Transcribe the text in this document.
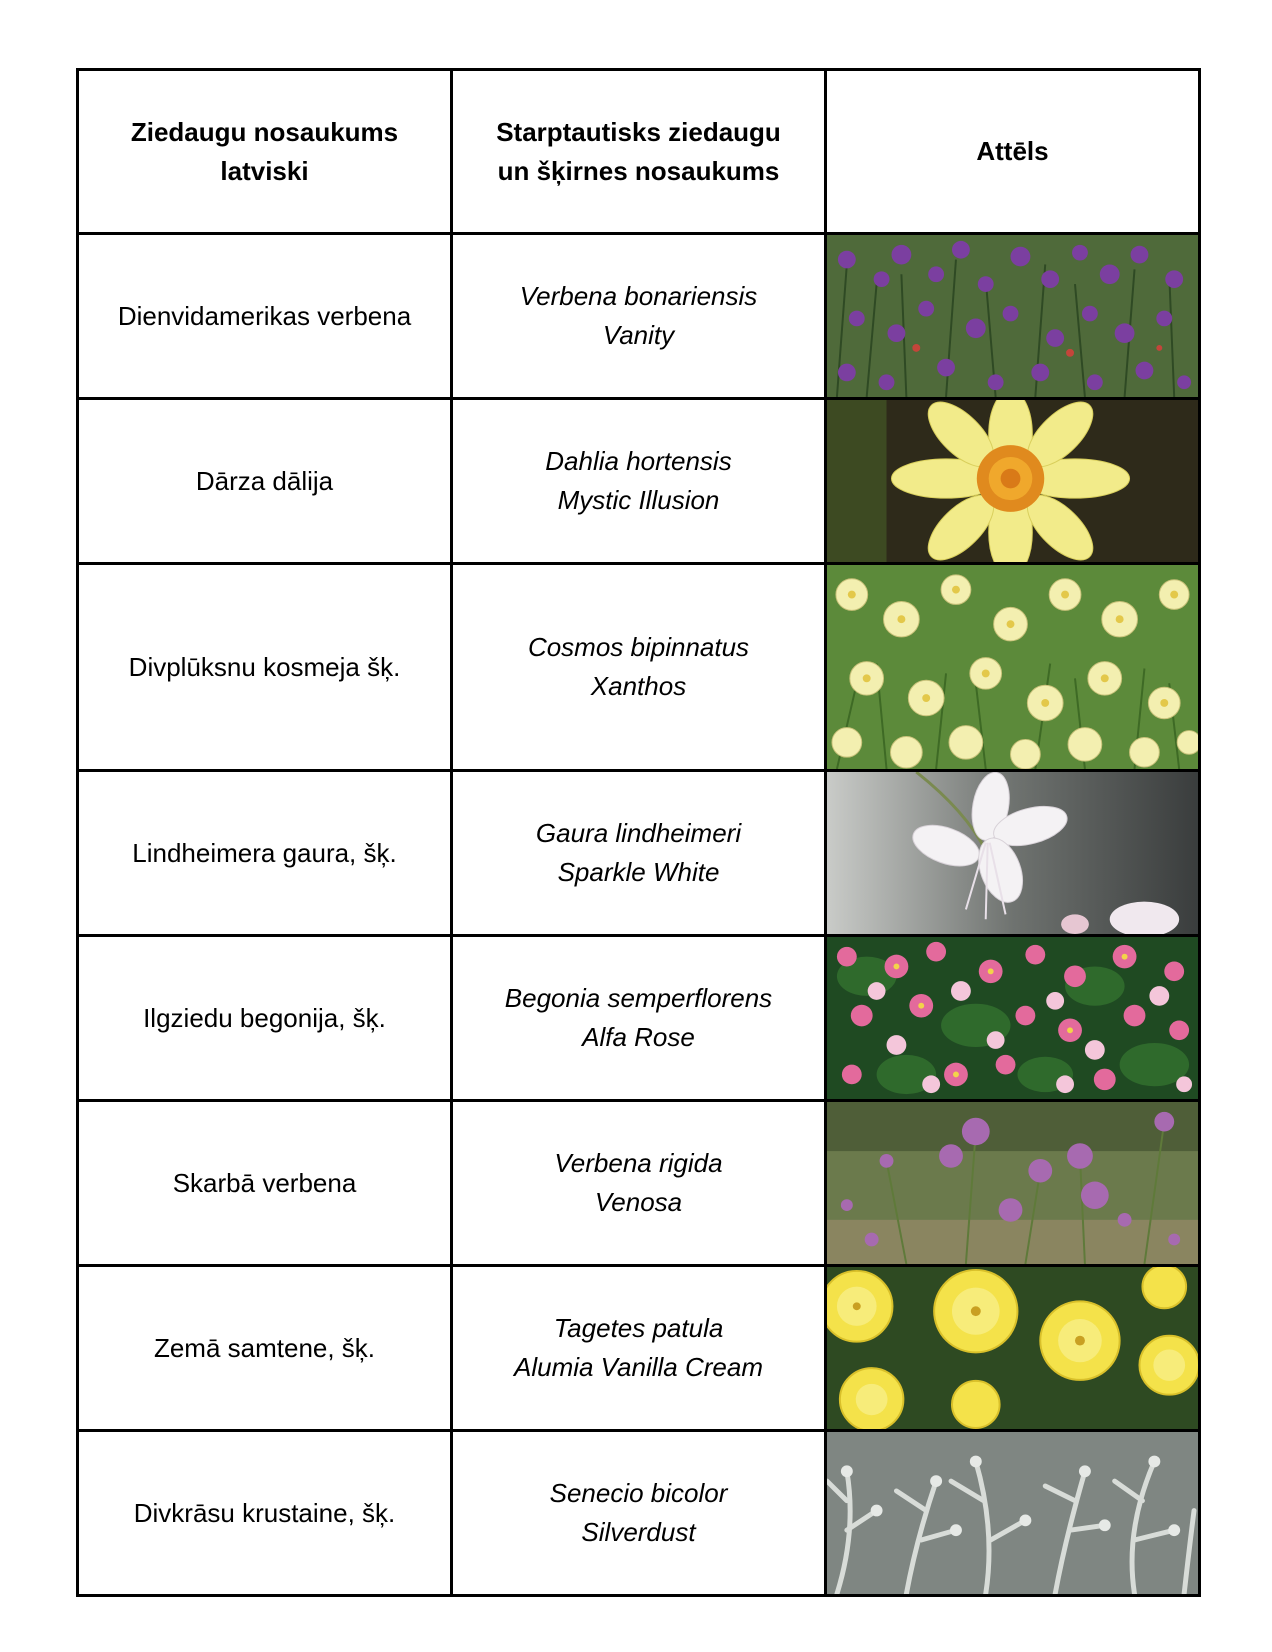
Ziedaugu nosaukums latviski	Starptautisks ziedaugu un šķirnes nosaukums	Attēls
Dienvidamerikas verbena	Verbena bonariensis
Vanity

Dārza dālija	Dahlia hortensis
Mystic Illusion

Divplūksnu kosmeja šķ.	Cosmos bipinnatus
Xanthos

Lindheimera gaura, šķ.	Gaura lindheimeri
Sparkle White

Ilgziedu begonija, šķ.	Begonia semperflorens
Alfa Rose

Skarbā verbena	Verbena rigida
Venosa

Zemā samtene, šķ.	Tagetes patula
Alumia Vanilla Cream

Divkrāsu krustaine, šķ.	Senecio bicolor
Silverdust
